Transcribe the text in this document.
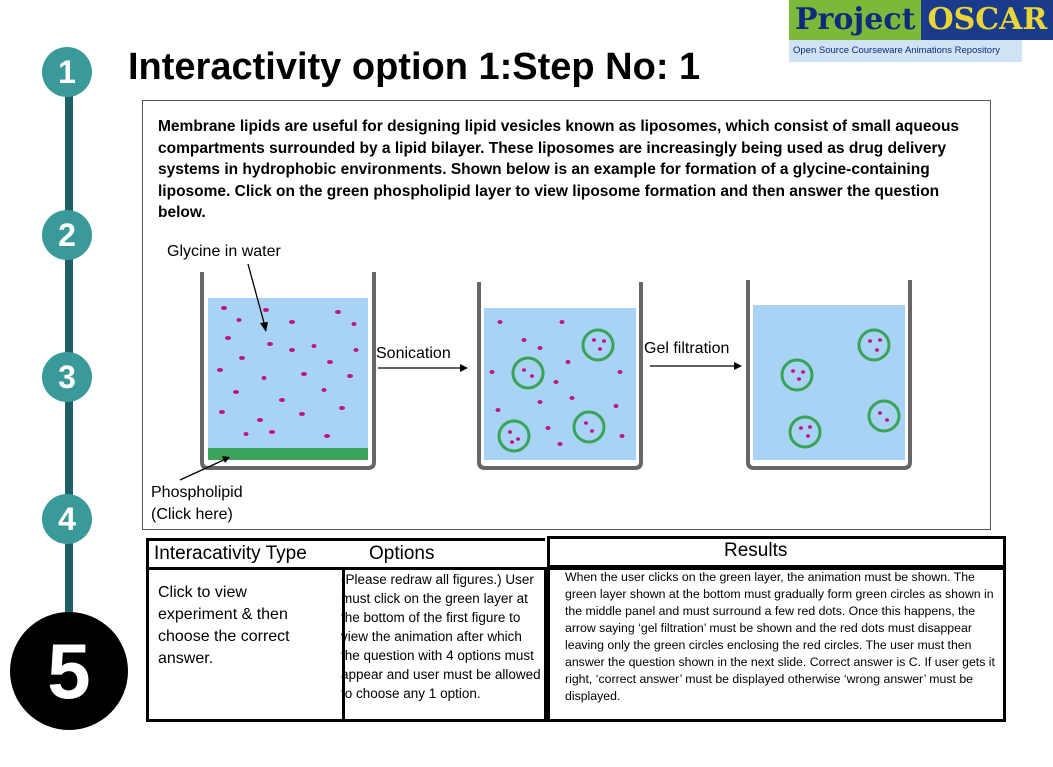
Project OSCAR
Open Source Courseware Animations Repository
1
2
3
4
5
Interactivity option 1:Step No: 1
Membrane lipids are useful for designing lipid vesicles known as liposomes, which consist of small aqueous compartments surrounded by a lipid bilayer. These liposomes are increasingly being used as drug delivery systems in hydrophobic environments. Shown below is an example for formation of a glycine-containing liposome. Click on the green phospholipid layer to view liposome formation and then answer the question below.
Glycine in water
Sonication	Gel filtration
Phospholipid
(Click here)
Interacativity Type	Options
Click to view experiment & then choose the correct answer.
(Please redraw all figures.) User must click on the green layer at the bottom of the first figure to view the animation after which the question with 4 options must appear and user must be allowed to choose any 1 option.
Results
When the user clicks on the green layer, the animation must be shown. The green layer shown at the bottom must gradually form green circles as shown in the middle panel and must surround a few red dots. Once this happens, the arrow saying ‘gel filtration’ must be shown and the red dots must disappear leaving only the green circles enclosing the red circles. The user must then answer the question shown in the next slide. Correct answer is C. If user gets it right, ‘correct answer’ must be displayed otherwise ‘wrong answer’ must be displayed.
